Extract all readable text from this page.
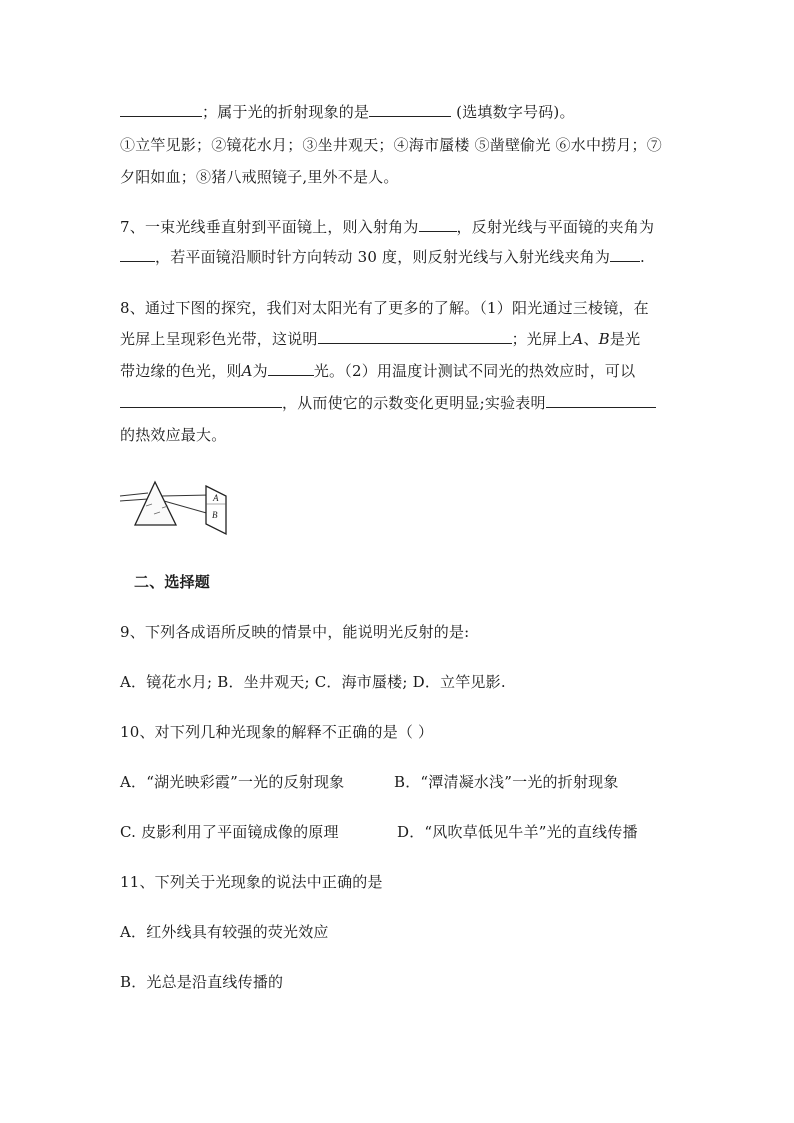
；属于光的折射现象的是	(选填数字号码)。
①立竿见影；②镜花水月；③坐井观天；④海市蜃楼 ⑤凿壁偷光 ⑥水中捞月；⑦
夕阳如血；⑧猪八戒照镜子,里外不是人。
7、一束光线垂直射到平面镜上，则入射角为	，反射光线与平面镜的夹角为
，若平面镜沿顺时针方向转动 30 度，则反射光线与入射光线夹角为 .
8、通过下图的探究，我们对太阳光有了更多的了解。（1）阳光通过三棱镜，在
光屏上呈现彩色光带，这说明	；光屏上A、B是光
带边缘的色光，则A为	光。（2）用温度计测试不同光的热效应时，可以
，从而使它的示数变化更明显;实验表明
的热效应最大。
A
B
二、选择题
9、下列各成语所反映的情景中，能说明光反射的是:
A．镜花水月; B．坐井观天; C．海市蜃楼; D．立竿见影.
10、对下列几种光现象的解释不正确的是（ ）
A．“湖光映彩霞”一光的反射现象	B．“潭清凝水浅”一光的折射现象
C. 皮影利用了平面镜成像的原理	D．“风吹草低见牛羊”光的直线传播
11、下列关于光现象的说法中正确的是
A．红外线具有较强的荧光效应
B．光总是沿直线传播的
